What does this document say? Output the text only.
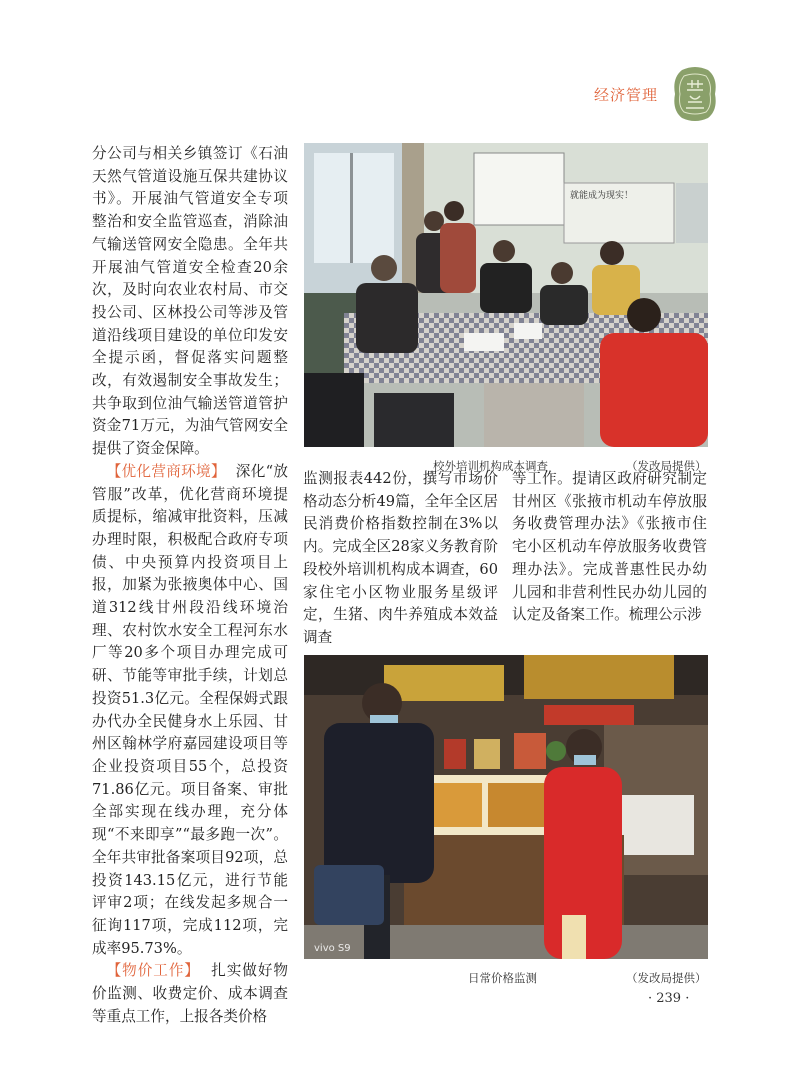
经济管理

分公司与相关乡镇签订《石油天然气管道设施互保共建协议书》。开展油气管道安全专项整治和安全监管巡查，消除油气输送管网安全隐患。全年共开展油气管道安全检查20余次，及时向农业农村局、市交投公司、区林投公司等涉及管道沿线项目建设的单位印发安全提示函，督促落实问题整改，有效遏制安全事故发生；共争取到位油气输送管道管护资金71万元，为油气管网安全提供了资金保障。

【优化营商环境】 深化“放管服”改革，优化营商环境提质提标，缩减审批资料，压减办理时限，积极配合政府专项债、中央预算内投资项目上报，加紧为张掖奥体中心、国道312线甘州段沿线环境治理、农村饮水安全工程河东水厂等20多个项目办理完成可研、节能等审批手续，计划总投资51.3亿元。全程保姆式跟办代办全民健身水上乐园、甘州区翰林学府嘉园建设项目等企业投资项目55个，总投资71.86亿元。项目备案、审批全部实现在线办理，充分体现“不来即享”“最多跑一次”。全年共审批备案项目92项，总投资143.15亿元，进行节能评审2项；在线发起多规合一征询117项，完成112项，完成率95.73%。

【物价工作】 扎实做好物价监测、收费定价、成本调查等重点工作，上报各类价格

就能成为现实！
校外培训机构成本调查	（发改局提供）

监测报表442份，撰写市场价格动态分析49篇，全年全区居民消费价格指数控制在3%以内。完成全区28家义务教育阶段校外培训机构成本调查，60家住宅小区物业服务星级评定，生猪、肉牛养殖成本效益调查

等工作。提请区政府研究制定甘州区《张掖市机动车停放服务收费管理办法》《张掖市住宅小区机动车停放服务收费管理办法》。完成普惠性民办幼儿园和非营利性民办幼儿园的认定及备案工作。梳理公示涉

vivo S9
日常价格监测	（发改局提供）
· 239 ·
